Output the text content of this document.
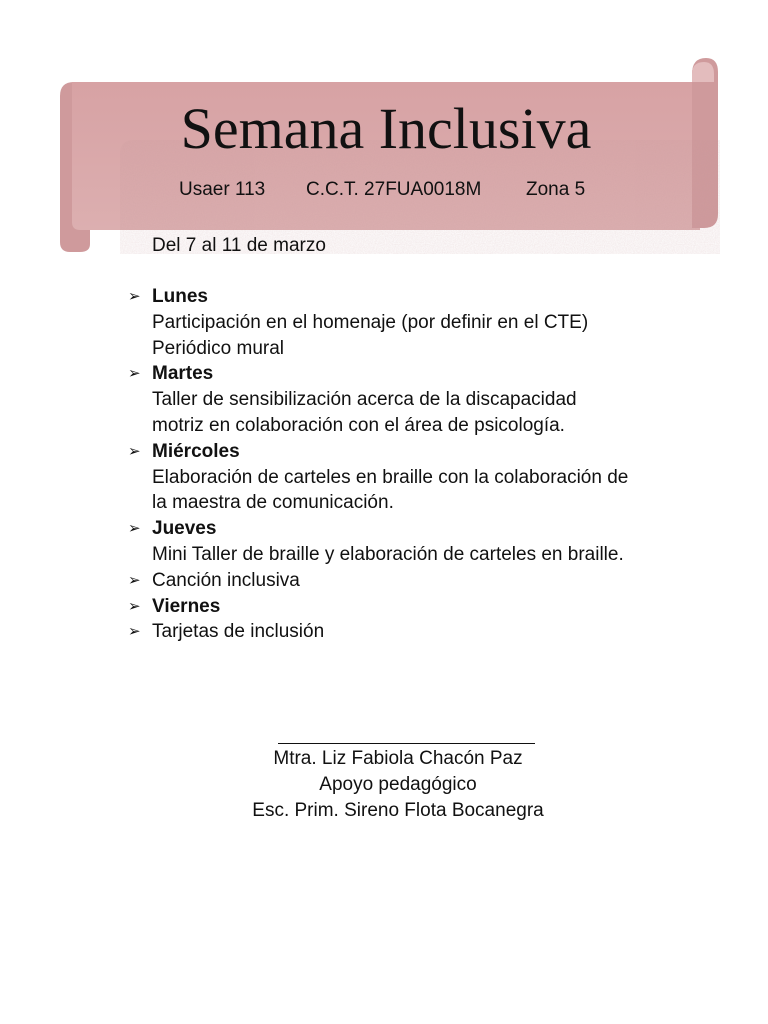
Semana Inclusiva
Usaer 113 C.C.T. 27FUA0018M Zona 5
Del 7 al 11 de marzo
➢ Lunes
Participación en el homenaje (por definir en el CTE)
Periódico mural
➢ Martes
Taller de sensibilización acerca de la discapacidad
motriz en colaboración con el área de psicología.
➢ Miércoles
Elaboración de carteles en braille con la colaboración de
la maestra de comunicación.
➢ Jueves
Mini Taller de braille y elaboración de carteles en braille.
➢ Canción inclusiva
➢ Viernes
➢ Tarjetas de inclusión
Mtra. Liz Fabiola Chacón Paz
Apoyo pedagógico
Esc. Prim. Sireno Flota Bocanegra
